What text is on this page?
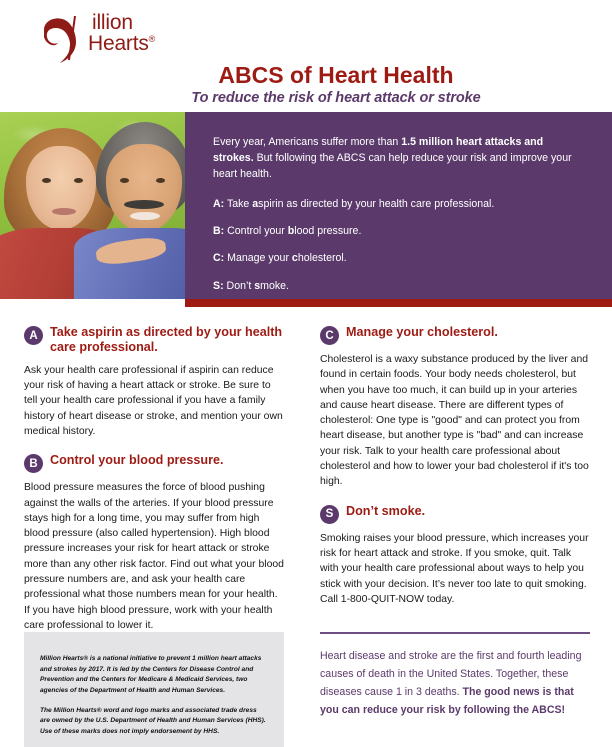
illion
Hearts®
ABCS of Heart Health
To reduce the risk of heart attack or stroke
Every year, Americans suffer more than 1.5 million heart attacks and strokes. But following the ABCS can help reduce your risk and improve your heart health.
A: Take aspirin as directed by your health care professional.
B: Control your blood pressure.
C: Manage your cholesterol.
S: Don’t smoke.
A Take aspirin as directed by your health care professional.
Ask your health care professional if aspirin can reduce your risk of having a heart attack or stroke. Be sure to tell your health care professional if you have a family history of heart disease or stroke, and mention your own medical history.
B Control your blood pressure.
Blood pressure measures the force of blood pushing against the walls of the arteries. If your blood pressure stays high for a long time, you may suffer from high blood pressure (also called hypertension). High blood pressure increases your risk for heart attack or stroke more than any other risk factor. Find out what your blood pressure numbers are, and ask your health care professional what those numbers mean for your health. If you have high blood pressure, work with your health care professional to lower it.
C Manage your cholesterol.
Cholesterol is a waxy substance produced by the liver and found in certain foods. Your body needs cholesterol, but when you have too much, it can build up in your arteries and cause heart disease. There are different types of cholesterol: One type is "good" and can protect you from heart disease, but another type is "bad" and can increase your risk. Talk to your health care professional about cholesterol and how to lower your bad cholesterol if it's too high.
S	Don’t smoke.
Smoking raises your blood pressure, which increases your risk for heart attack and stroke. If you smoke, quit. Talk with your health care professional about ways to help you stick with your decision. It’s never too late to quit smoking. Call 1-800-QUIT-NOW today.
Million Hearts® is a national initiative to prevent 1 million heart attacks and strokes by 2017. It is led by the Centers for Disease Control and Prevention and the Centers for Medicare & Medicaid Services, two agencies of the Department of Health and Human Services.
The Million Hearts® word and logo marks and associated trade dress are owned by the U.S. Department of Health and Human Services (HHS). Use of these marks does not imply endorsement by HHS.
Heart disease and stroke are the first and fourth leading causes of death in the United States. Together, these diseases cause 1 in 3 deaths. The good news is that you can reduce your risk by following the ABCS!
